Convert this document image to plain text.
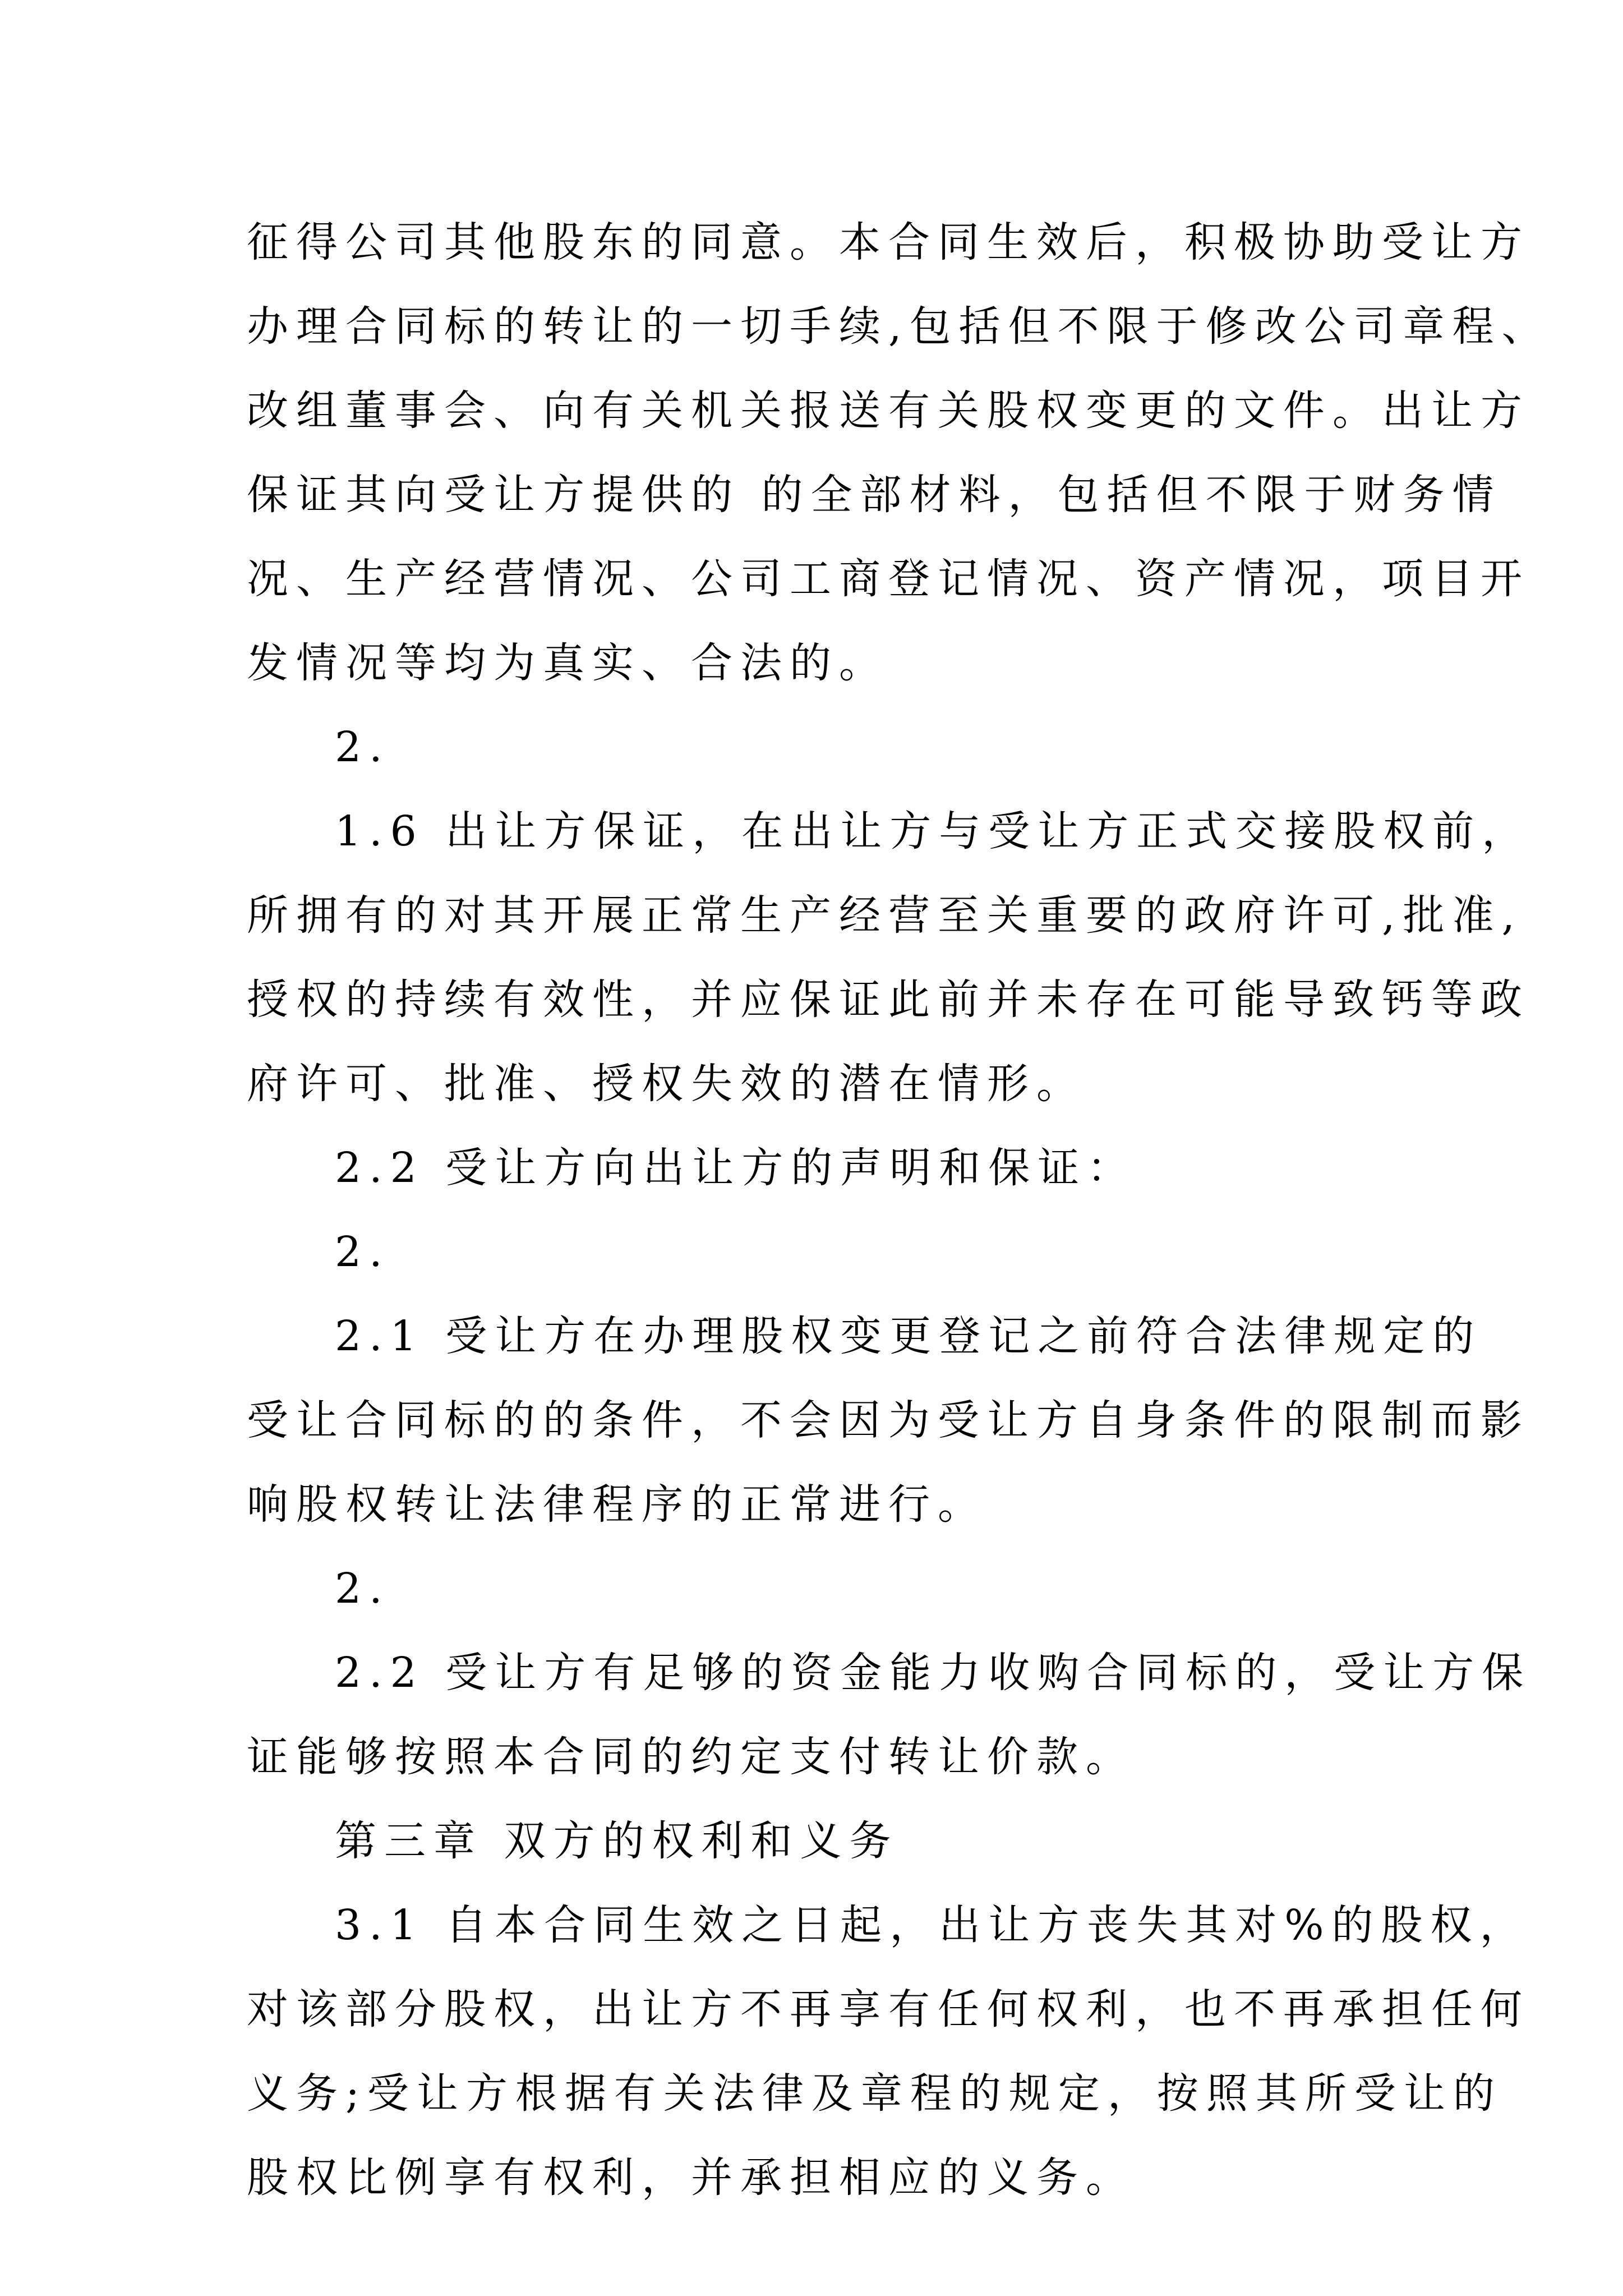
征得公司其他股东的同意。本合同生效后，积极协助受让方
办理合同标的转让的一切手续,包括但不限于修改公司章程、
改组董事会、向有关机关报送有关股权变更的文件。出让方
保证其向受让方提供的 的全部材料，包括但不限于财务情
况、生产经营情况、公司工商登记情况、资产情况，项目开
发情况等均为真实、合法的。
2.
1.6 出让方保证，在出让方与受让方正式交接股权前，
所拥有的对其开展正常生产经营至关重要的政府许可,批准,
授权的持续有效性，并应保证此前并未存在可能导致钙等政
府许可、批准、授权失效的潜在情形。
2.2 受让方向出让方的声明和保证：
2.
2.1 受让方在办理股权变更登记之前符合法律规定的
受让合同标的的条件，不会因为受让方自身条件的限制而影
响股权转让法律程序的正常进行。
2.
2.2 受让方有足够的资金能力收购合同标的，受让方保
证能够按照本合同的约定支付转让价款。
第三章 双方的权利和义务
3.1 自本合同生效之日起，出让方丧失其对%的股权，
对该部分股权，出让方不再享有任何权利，也不再承担任何
义务;受让方根据有关法律及章程的规定，按照其所受让的
股权比例享有权利，并承担相应的义务。
